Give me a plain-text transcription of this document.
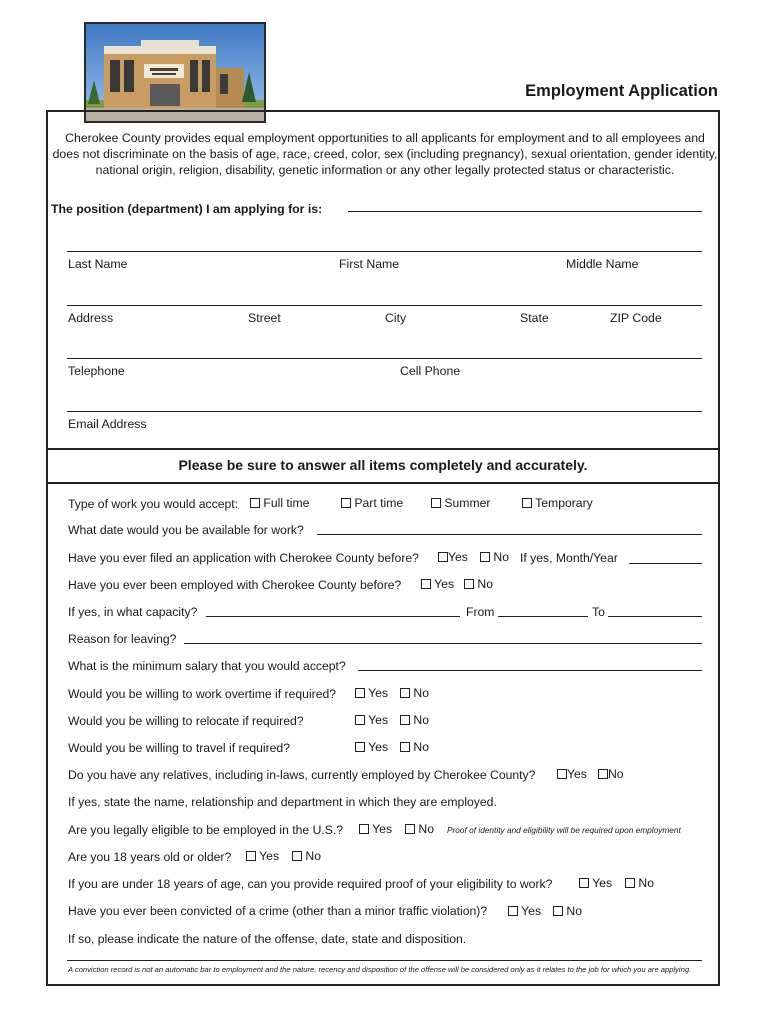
Employment Application
Cherokee County provides equal employment opportunities to all applicants for employment and to all employees and does not discriminate on the basis of age, race, creed, color, sex (including pregnancy), sexual orientation, gender identity, national origin, religion, disability, genetic information or any other legally protected status or characteristic.
The position (department) I am applying for is:
Last Name	First Name	Middle Name
Address	Street	City	State	ZIP Code
Telephone	Cell Phone
Email Address
Please be sure to answer all items completely and accurately.
Type of work you would accept:	Full time	Part time	Summer	Temporary
What date would you be available for work?
Have you ever filed an application with Cherokee County before?	Yes	No If yes, Month/Year
Have you ever been employed with Cherokee County before?	Yes	No
If yes, in what capacity?	From	To
Reason for leaving?
What is the minimum salary that you would accept?
Would you be willing to work overtime if required?	Yes	No
Would you be willing to relocate if required?	Yes	No
Would you be willing to travel if required?	Yes	No
Do you have any relatives, including in-laws, currently employed by Cherokee County?	Yes	No
If yes, state the name, relationship and department in which they are employed.
Are you legally eligible to be employed in the U.S.?	Yes	No Proof of identity and eligibility will be required upon employment
Are you 18 years old or older?	Yes	No
If you are under 18 years of age, can you provide required proof of your eligibility to work?	Yes	No
Have you ever been convicted of a crime (other than a minor traffic violation)?	Yes	No
If so, please indicate the nature of the offense, date, state and disposition.
A conviction record is not an automatic bar to employment and the nature, recency and disposition of the offense will be considered only as it relates to the job for which you are applying.
